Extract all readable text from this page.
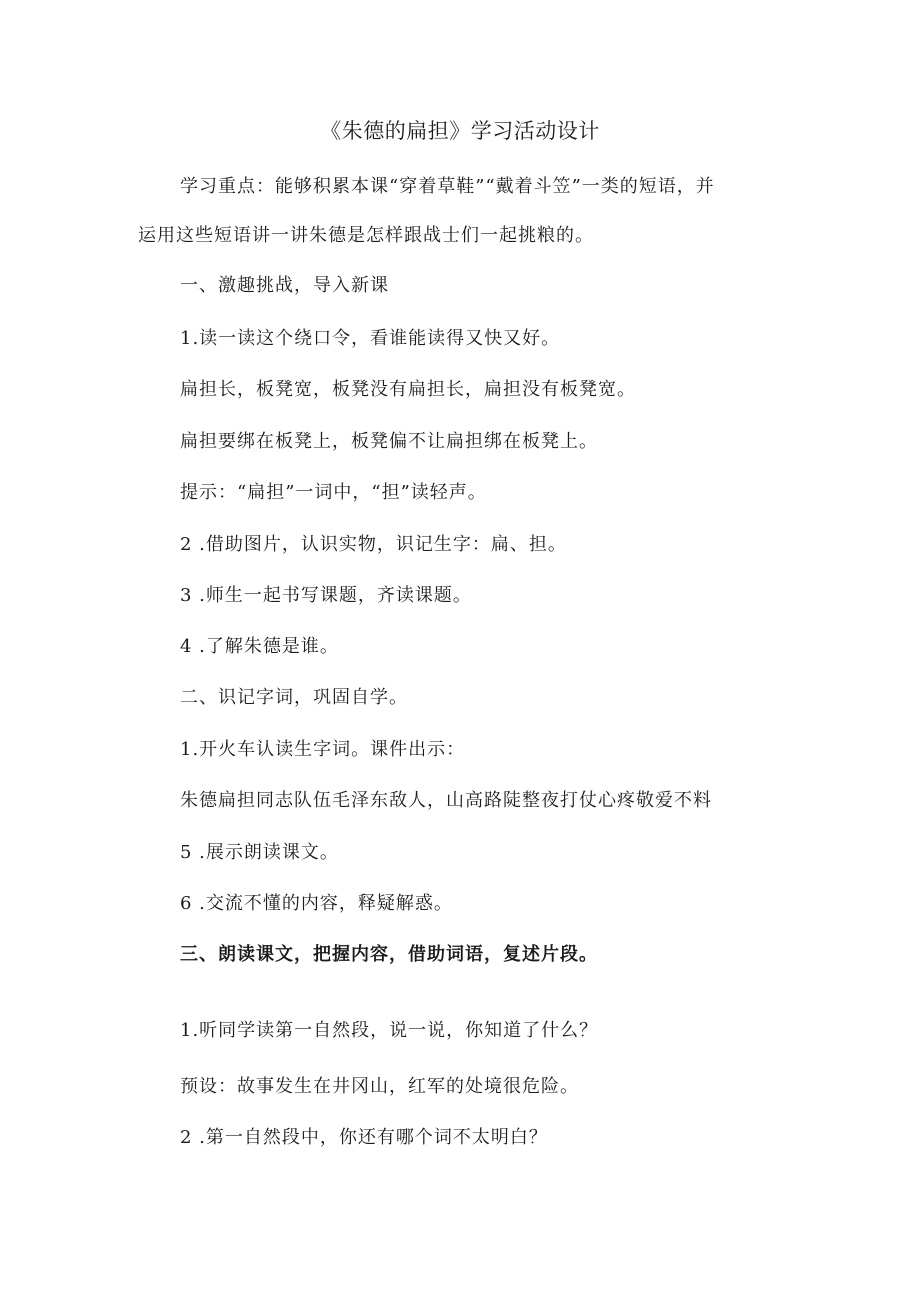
《朱德的扁担》学习活动设计
学习重点：能够积累本课“穿着草鞋”“戴着斗笠”一类的短语，并
运用这些短语讲一讲朱德是怎样跟战士们一起挑粮的。
一、激趣挑战，导入新课
1.读一读这个绕口令，看谁能读得又快又好。
扁担长，板凳宽，板凳没有扁担长，扁担没有板凳宽。
扁担要绑在板凳上，板凳偏不让扁担绑在板凳上。
提示：“扁担”一词中，“担”读轻声。
2 .借助图片，认识实物，识记生字：扁、担。
3 .师生一起书写课题，齐读课题。
4 .了解朱德是谁。
二、识记字词，巩固自学。
1.开火车认读生字词。课件出示：
朱德扁担同志队伍毛泽东敌人，山高路陡整夜打仗心疼敬爱不料
5 .展示朗读课文。
6 .交流不懂的内容，释疑解惑。
三、朗读课文，把握内容，借助词语，复述片段。
1.听同学读第一自然段，说一说，你知道了什么？
预设：故事发生在井冈山，红军的处境很危险。
2 .第一自然段中，你还有哪个词不太明白？
